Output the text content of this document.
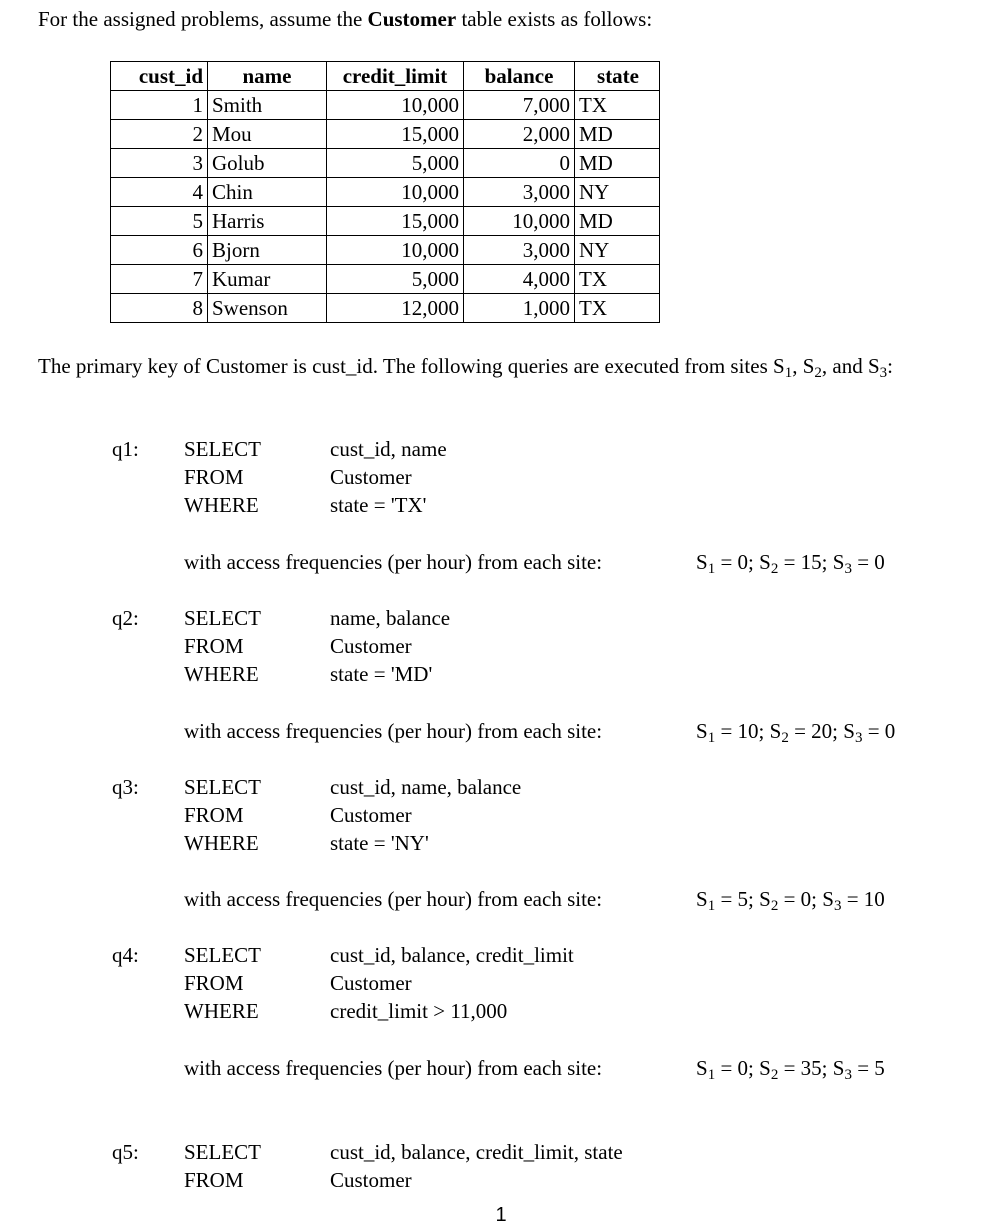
For the assigned problems, assume the Customer table exists as follows:
cust_id	name	credit_limit	balance	state
1	Smith	10,000	7,000	TX
2	Mou	15,000	2,000	MD
3	Golub	5,000	0	MD
4	Chin	10,000	3,000	NY
5	Harris	15,000	10,000	MD
6	Bjorn	10,000	3,000	NY
7	Kumar	5,000	4,000	TX
8	Swenson	12,000	1,000	TX
The primary key of Customer is cust_id. The following queries are executed from sites $S_1$, $S_2$, and $S_3$:
q1: SELECT	cust_id, name
FROM	Customer
WHERE	state = 'TX'
with access frequencies (per hour) from each site:	$S_1 = 0$; $S_2 = 15$; $S_3 = 0$
q2: SELECT	name, balance
FROM	Customer
WHERE	state = 'MD'
with access frequencies (per hour) from each site:	$S_1 = 10$; $S_2 = 20$; $S_3 = 0$
q3: SELECT	cust_id, name, balance
FROM	Customer
WHERE	state = 'NY'
with access frequencies (per hour) from each site:	$S_1 = 5$; $S_2 = 0$; $S_3 = 10$
q4: SELECT	cust_id, balance, credit_limit
FROM	Customer
WHERE	credit_limit > 11,000
with access frequencies (per hour) from each site:	$S_1 = 0$; $S_2 = 35$; $S_3 = 5$
q5: SELECT	cust_id, balance, credit_limit, state
FROM	Customer
1
